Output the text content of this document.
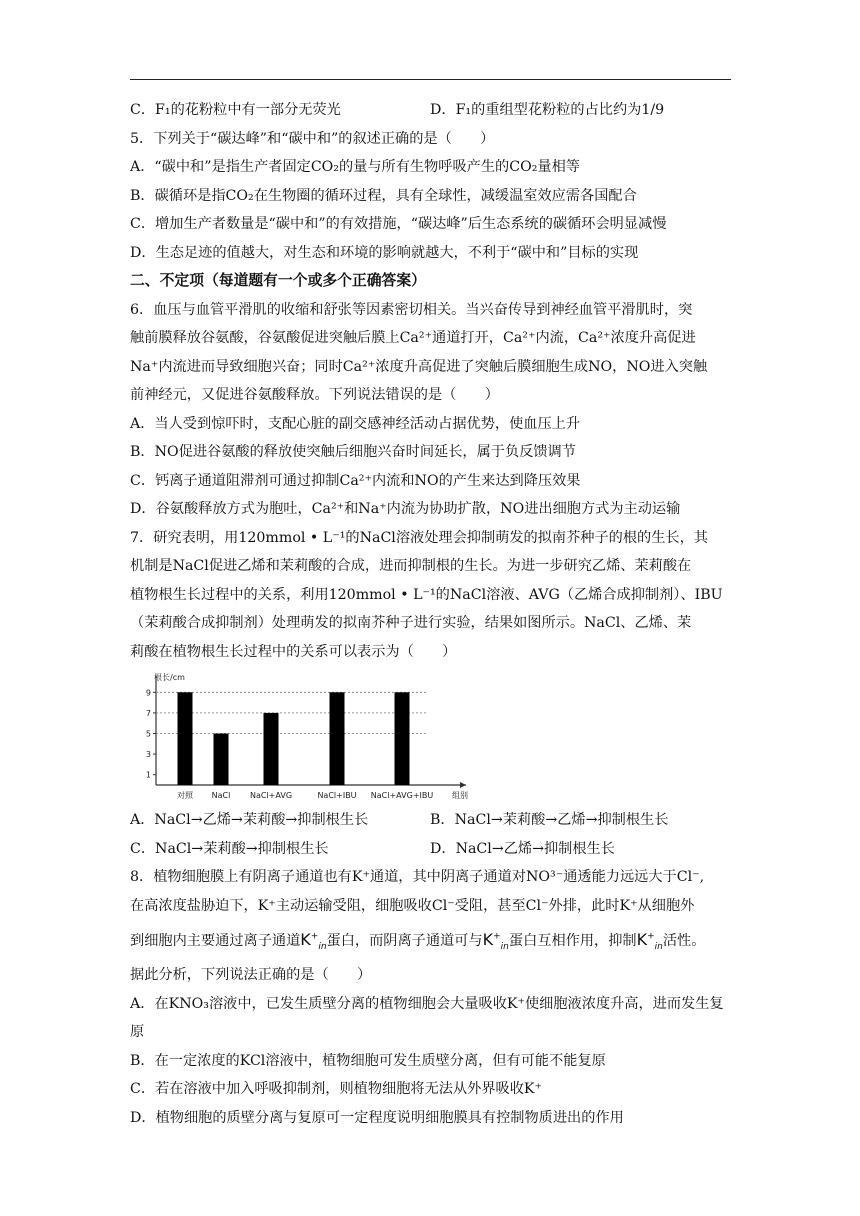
C．F₁的花粉粒中有一部分无荧光	D．F₁的重组型花粉粒的占比约为1/9
5．下列关于“碳达峰”和“碳中和”的叙述正确的是（　　）
A．“碳中和”是指生产者固定CO₂的量与所有生物呼吸产生的CO₂量相等
B．碳循环是指CO₂在生物圈的循环过程，具有全球性，减缓温室效应需各国配合
C．增加生产者数量是“碳中和”的有效措施，“碳达峰”后生态系统的碳循环会明显减慢
D．生态足迹的值越大，对生态和环境的影响就越大，不利于“碳中和”目标的实现
二、不定项（每道题有一个或多个正确答案）
6．血压与血管平滑肌的收缩和舒张等因素密切相关。当兴奋传导到神经血管平滑肌时，突
触前膜释放谷氨酸，谷氨酸促进突触后膜上Ca²⁺通道打开，Ca²⁺内流，Ca²⁺浓度升高促进
Na⁺内流进而导致细胞兴奋；同时Ca²⁺浓度升高促进了突触后膜细胞生成NO，NO进入突触
前神经元，又促进谷氨酸释放。下列说法错误的是（　　）
A．当人受到惊吓时，支配心脏的副交感神经活动占据优势，使血压上升
B．NO促进谷氨酸的释放使突触后细胞兴奋时间延长，属于负反馈调节
C．钙离子通道阻滞剂可通过抑制Ca²⁺内流和NO的产生来达到降压效果
D．谷氨酸释放方式为胞吐，Ca²⁺和Na⁺内流为协助扩散，NO进出细胞方式为主动运输
7．研究表明，用120mmol • L⁻¹的NaCl溶液处理会抑制萌发的拟南芥种子的根的生长，其
机制是NaCl促进乙烯和茉莉酸的合成，进而抑制根的生长。为进一步研究乙烯、茉莉酸在
植物根生长过程中的关系，利用120mmol • L⁻¹的NaCl溶液、AVG（乙烯合成抑制剂）、IBU
（茉莉酸合成抑制剂）处理萌发的拟南芥种子进行实验，结果如图所示。NaCl、乙烯、茉
莉酸在植物根生长过程中的关系可以表示为（　　）
1
3
5
7
9
根长/cm
对照 NaCl NaCl+AVG	NaCl+IBU NaCl+AVG+IBU 组别
A．NaCl→乙烯→茉莉酸→抑制根生长	B．NaCl→茉莉酸→乙烯→抑制根生长
C．NaCl→茉莉酸→抑制根生长	D．NaCl→乙烯→抑制根生长
8．植物细胞膜上有阴离子通道也有K⁺通道，其中阴离子通道对NO³⁻通透能力远远大于Cl⁻,
在高浓度盐胁迫下，K⁺主动运输受阻，细胞吸收Cl⁻受阻，甚至Cl⁻外排，此时K⁺从细胞外
到细胞内主要通过离子通道$K^+_{in}$蛋白，而阴离子通道可与$K^+_{in}$蛋白互相作用，抑制$K^+_{in}$活性。
据此分析，下列说法正确的是（　　）
A．在KNO₃溶液中，已发生质壁分离的植物细胞会大量吸收K⁺使细胞液浓度升高，进而发生复原
B．在一定浓度的KCl溶液中，植物细胞可发生质壁分离，但有可能不能复原
C．若在溶液中加入呼吸抑制剂，则植物细胞将无法从外界吸收K⁺
D．植物细胞的质壁分离与复原可一定程度说明细胞膜具有控制物质进出的作用
